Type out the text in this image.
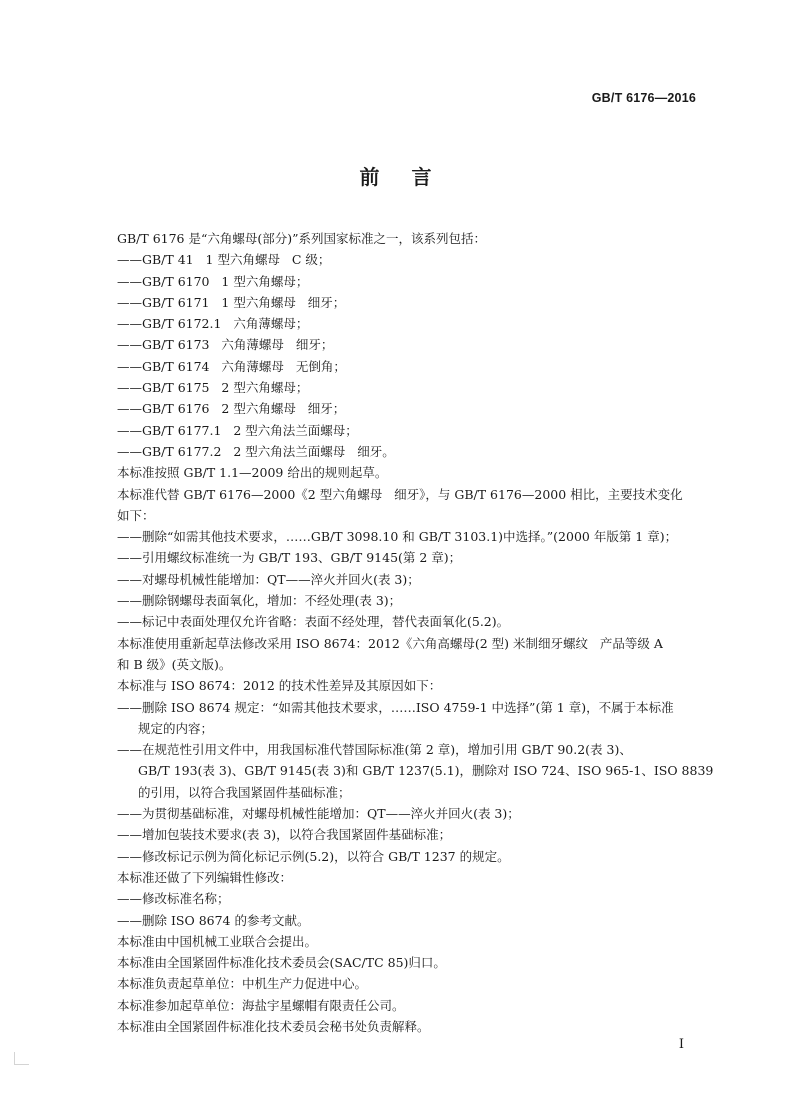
GB/T 6176—2016
前言
GB/T 6176 是“六角螺母(部分)”系列国家标准之一，该系列包括：
——GB/T 41   1 型六角螺母   C 级；
——GB/T 6170   1 型六角螺母；
——GB/T 6171   1 型六角螺母   细牙；
——GB/T 6172.1   六角薄螺母；
——GB/T 6173   六角薄螺母   细牙；
——GB/T 6174   六角薄螺母   无倒角；
——GB/T 6175   2 型六角螺母；
——GB/T 6176   2 型六角螺母   细牙；
——GB/T 6177.1   2 型六角法兰面螺母；
——GB/T 6177.2   2 型六角法兰面螺母   细牙。
本标准按照 GB/T 1.1—2009 给出的规则起草。
本标准代替 GB/T 6176—2000《2 型六角螺母   细牙》，与 GB/T 6176—2000 相比，主要技术变化
如下：
——删除“如需其他技术要求，……GB/T 3098.10 和 GB/T 3103.1)中选择。”(2000 年版第 1 章)；
——引用螺纹标准统一为 GB/T 193、GB/T 9145(第 2 章)；
——对螺母机械性能增加：QT——淬火并回火(表 3)；
——删除钢螺母表面氧化，增加：不经处理(表 3)；
——标记中表面处理仅允许省略：表面不经处理，替代表面氧化(5.2)。
本标准使用重新起草法修改采用 ISO 8674：2012《六角高螺母(2 型) 米制细牙螺纹   产品等级 A
和 B 级》(英文版)。
本标准与 ISO 8674：2012 的技术性差异及其原因如下：
——删除 ISO 8674 规定：“如需其他技术要求，……ISO 4759-1 中选择”(第 1 章)，不属于本标准
规定的内容；
——在规范性引用文件中，用我国标准代替国际标准(第 2 章)，增加引用 GB/T 90.2(表 3)、
GB/T 193(表 3)、GB/T 9145(表 3)和 GB/T 1237(5.1)，删除对 ISO 724、ISO 965-1、ISO 8839
的引用，以符合我国紧固件基础标准；
——为贯彻基础标准，对螺母机械性能增加：QT——淬火并回火(表 3)；
——增加包装技术要求(表 3)，以符合我国紧固件基础标准；
——修改标记示例为简化标记示例(5.2)，以符合 GB/T 1237 的规定。
本标准还做了下列编辑性修改：
——修改标准名称；
——删除 ISO 8674 的参考文献。
本标准由中国机械工业联合会提出。
本标准由全国紧固件标准化技术委员会(SAC/TC 85)归口。
本标准负责起草单位：中机生产力促进中心。
本标准参加起草单位：海盐宇星螺帽有限责任公司。
本标准由全国紧固件标准化技术委员会秘书处负责解释。
I
